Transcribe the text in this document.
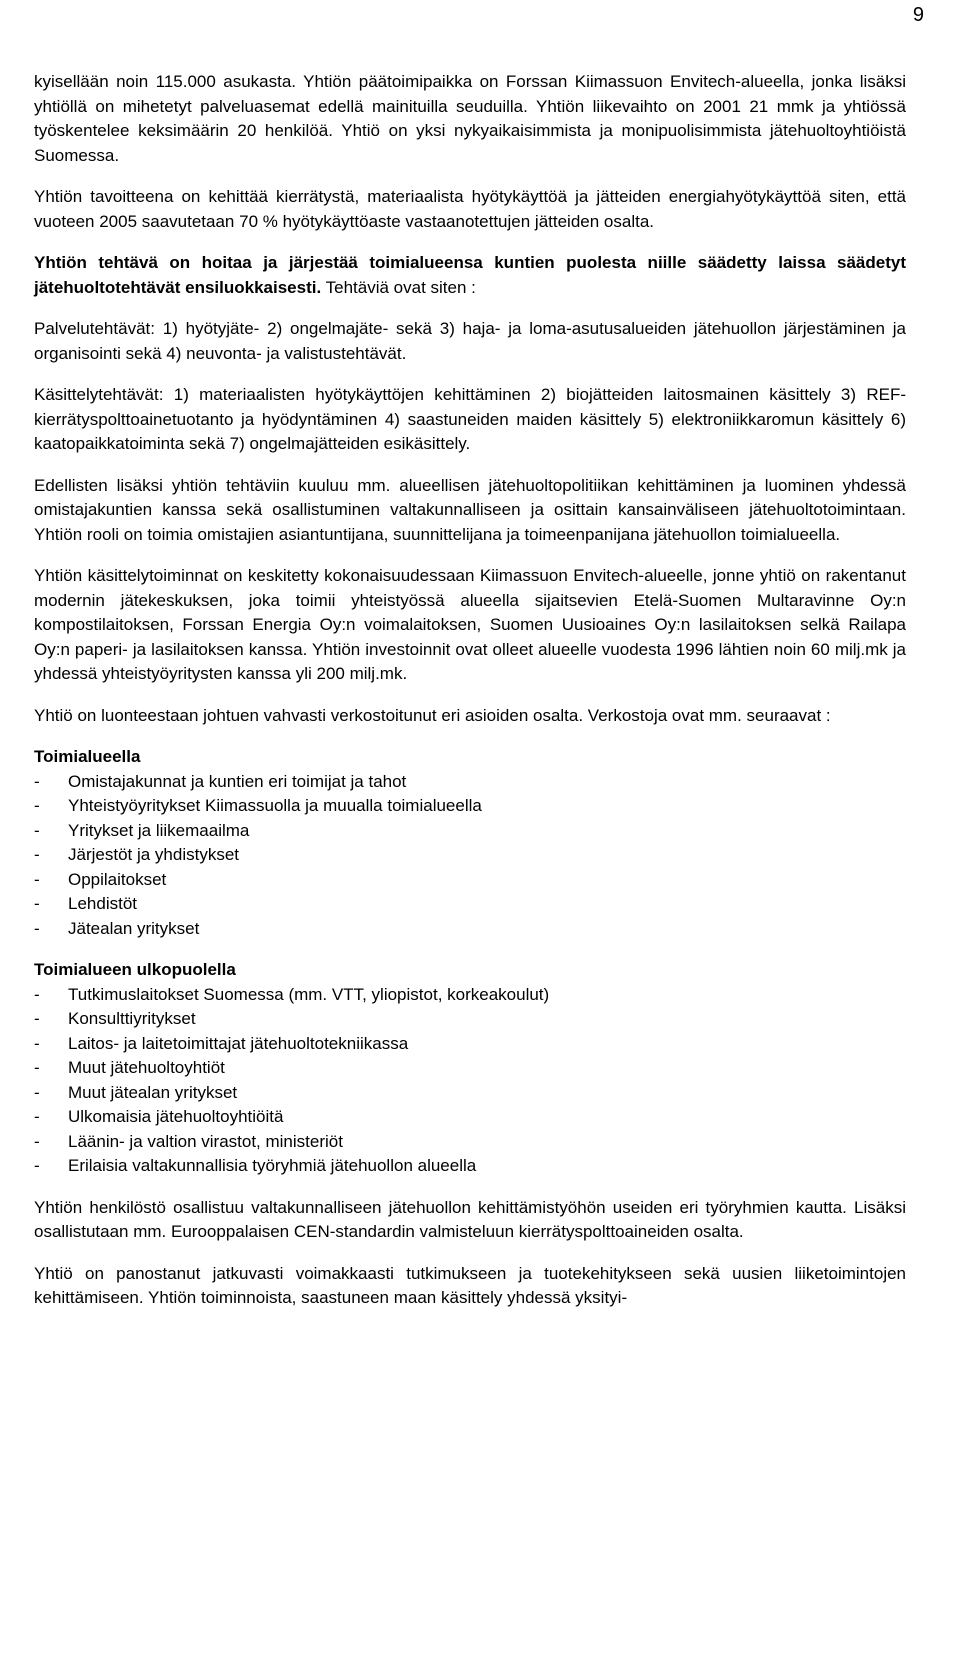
9

kyisellään noin 115.000 asukasta. Yhtiön päätoimipaikka on Forssan Kiimassuon Envitech-alueella, jonka lisäksi yhtiöllä on mihetetyt palveluasemat edellä mainituilla seuduilla. Yhtiön liikevaihto on 2001 21 mmk ja yhtiössä työskentelee keksimäärin 20 henkilöä. Yhtiö on yksi nykyaikaisimmista ja monipuolisimmista jätehuoltoyhtiöistä Suomessa.

Yhtiön tavoitteena on kehittää kierrätystä, materiaalista hyötykäyttöä ja jätteiden energiahyötykäyttöä siten, että vuoteen 2005 saavutetaan 70 % hyötykäyttöaste vastaanotettujen jätteiden osalta.

Yhtiön tehtävä on hoitaa ja järjestää toimialueensa kuntien puolesta niille säädetty laissa säädetyt jätehuoltotehtävät ensiluokkaisesti. Tehtäviä ovat siten :

Palvelutehtävät: 1) hyötyjäte- 2) ongelmajäte- sekä 3) haja- ja loma-asutusalueiden jätehuollon järjestäminen ja organisointi sekä 4) neuvonta- ja valistustehtävät.

Käsittelytehtävät: 1) materiaalisten hyötykäyttöjen kehittäminen 2) biojätteiden laitosmainen käsittely 3) REF-kierrätyspolttoainetuotanto ja hyödyntäminen 4) saastuneiden maiden käsittely 5) elektroniikkaromun käsittely 6) kaatopaikkatoiminta sekä 7) ongelmajätteiden esikäsittely.

Edellisten lisäksi yhtiön tehtäviin kuuluu mm. alueellisen jätehuoltopolitiikan kehittäminen ja luominen yhdessä omistajakuntien kanssa sekä osallistuminen valtakunnalliseen ja osittain kansainväliseen jätehuoltotoimintaan. Yhtiön rooli on toimia omistajien asiantuntijana, suunnittelijana ja toimeenpanijana jätehuollon toimialueella.

Yhtiön käsittelytoiminnat on keskitetty kokonaisuudessaan Kiimassuon Envitech-alueelle, jonne yhtiö on rakentanut modernin jätekeskuksen, joka toimii yhteistyössä alueella sijaitsevien Etelä-Suomen Multaravinne Oy:n kompostilaitoksen, Forssan Energia Oy:n voimalaitoksen, Suomen Uusioaines Oy:n lasilaitoksen selkä Railapa Oy:n paperi- ja lasilaitoksen kanssa. Yhtiön investoinnit ovat olleet alueelle vuodesta 1996 lähtien noin 60 milj.mk ja yhdessä yhteistyöyritysten kanssa yli 200 milj.mk.

Yhtiö on luonteestaan johtuen vahvasti verkostoitunut eri asioiden osalta. Verkostoja ovat mm. seuraavat :

Toimialueella
- Omistajakunnat ja kuntien eri toimijat ja tahot
- Yhteistyöyritykset Kiimassuolla ja muualla toimialueella
- Yritykset ja liikemaailma
- Järjestöt ja yhdistykset
- Oppilaitokset
- Lehdistöt
- Jätealan yritykset
Toimialueen ulkopuolella
- Tutkimuslaitokset Suomessa (mm. VTT, yliopistot, korkeakoulut)
- Konsulttiyritykset
- Laitos- ja laitetoimittajat jätehuoltotekniikassa
- Muut jätehuoltoyhtiöt
- Muut jätealan yritykset
- Ulkomaisia jätehuoltoyhtiöitä
- Läänin- ja valtion virastot, ministeriöt
- Erilaisia valtakunnallisia työryhmiä jätehuollon alueella

Yhtiön henkilöstö osallistuu valtakunnalliseen jätehuollon kehittämistyöhön useiden eri työryhmien kautta. Lisäksi osallistutaan mm. Eurooppalaisen CEN-standardin valmisteluun kierrätyspolttoaineiden osalta.

Yhtiö on panostanut jatkuvasti voimakkaasti tutkimukseen ja tuotekehitykseen sekä uusien liiketoimintojen kehittämiseen. Yhtiön toiminnoista, saastuneen maan käsittely yhdessä yksityi-
